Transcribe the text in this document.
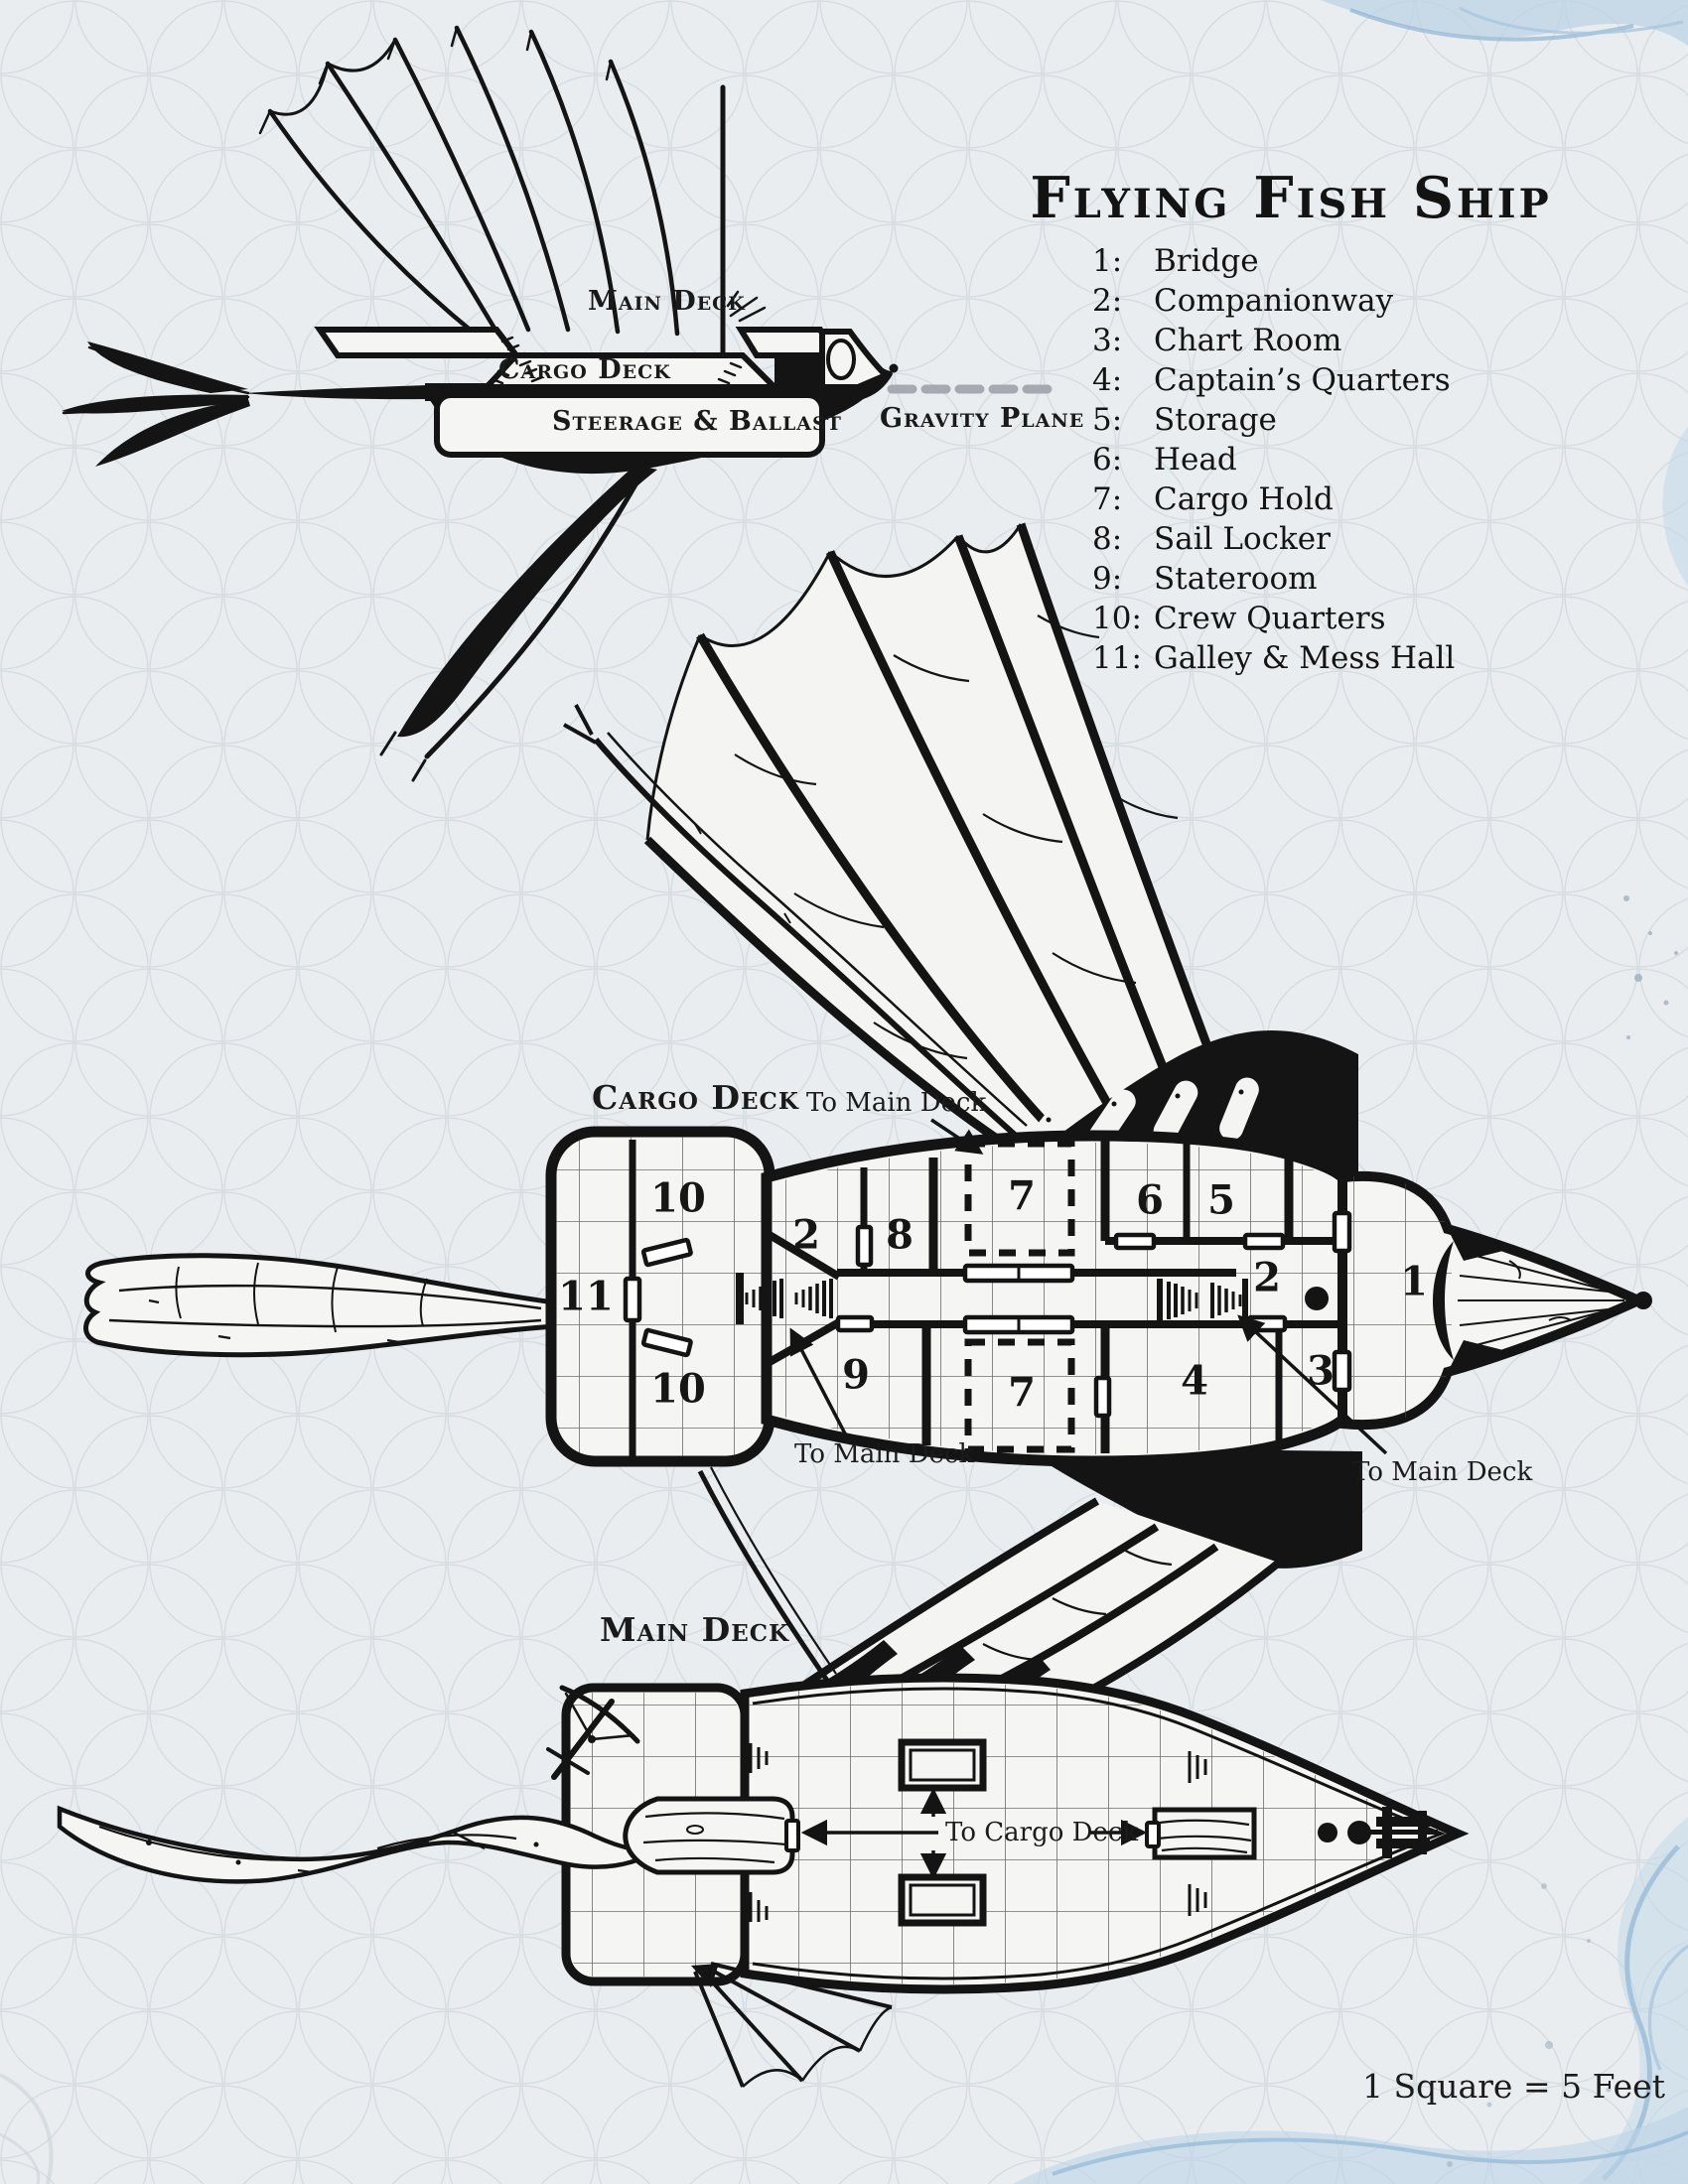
Flying Fish Ship
1: Bridge
2: Companionway
3: Chart Room
4: Captain’s Quarters
5: Storage
6: Head
7: Cargo Hold
8: Sail Locker
9: Stateroom
10: Crew Quarters
11: Galley & Mess Hall
Main Deck
Cargo Deck
Steerage & Ballast Gravity Plane
Cargo Deck
Main Deck
To Main Deck
To Main Deck
To Main Deck
To Cargo Deck
10
11
10
2 8
9
7
7
6 5
2
4 3
1
1 Square = 5 Feet
